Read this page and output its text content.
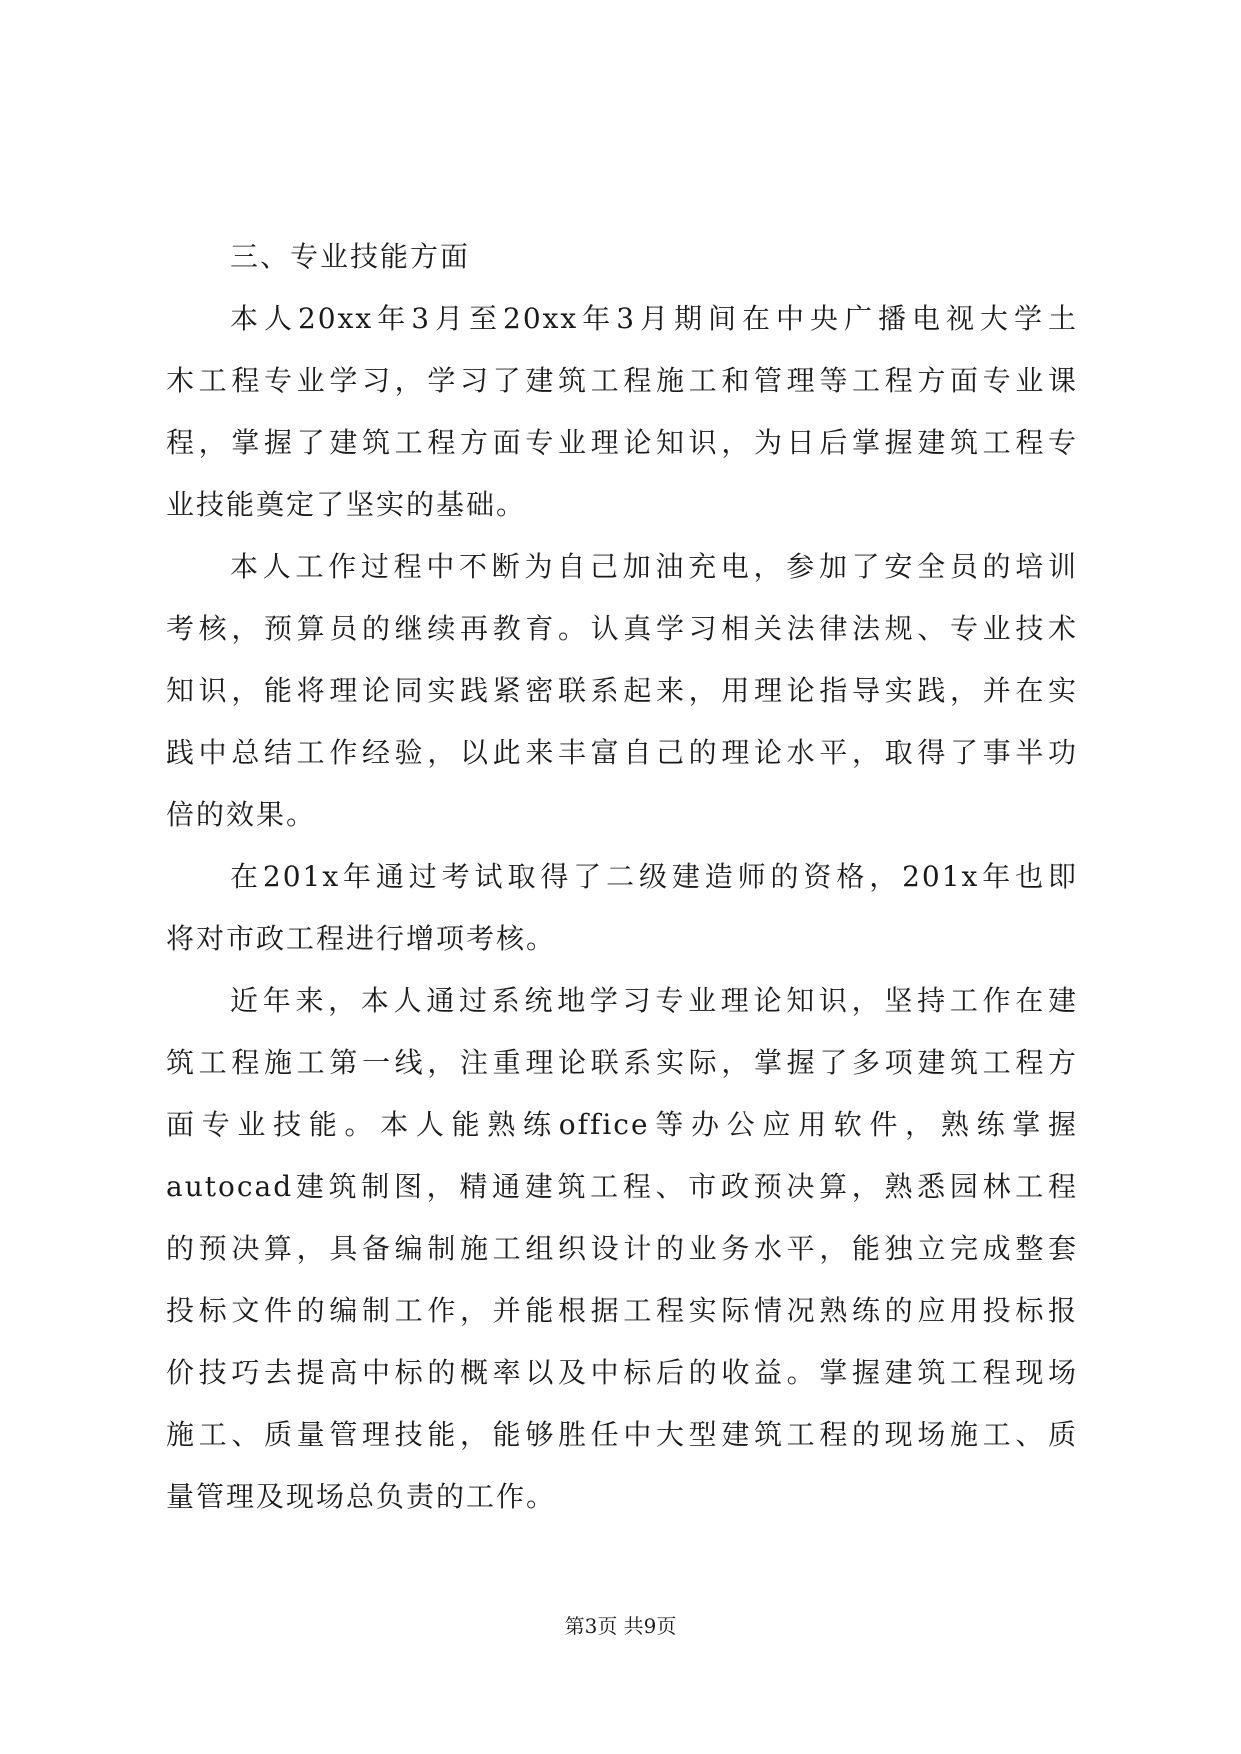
三、专业技能方面
本人20xx年3月至20xx年3月期间在中央广播电视大学土
木工程专业学习，学习了建筑工程施工和管理等工程方面专业课
程，掌握了建筑工程方面专业理论知识，为日后掌握建筑工程专
业技能奠定了坚实的基础。
本人工作过程中不断为自己加油充电，参加了安全员的培训
考核，预算员的继续再教育。认真学习相关法律法规、专业技术
知识，能将理论同实践紧密联系起来，用理论指导实践，并在实
践中总结工作经验，以此来丰富自己的理论水平，取得了事半功
倍的效果。
在201x年通过考试取得了二级建造师的资格，201x年也即
将对市政工程进行增项考核。
近年来，本人通过系统地学习专业理论知识，坚持工作在建
筑工程施工第一线，注重理论联系实际，掌握了多项建筑工程方
面专业技能。本人能熟练office等办公应用软件，熟练掌握
autocad建筑制图，精通建筑工程、市政预决算，熟悉园林工程
的预决算，具备编制施工组织设计的业务水平，能独立完成整套
投标文件的编制工作，并能根据工程实际情况熟练的应用投标报
价技巧去提高中标的概率以及中标后的收益。掌握建筑工程现场
施工、质量管理技能，能够胜任中大型建筑工程的现场施工、质
量管理及现场总负责的工作。
第3页 共9页
